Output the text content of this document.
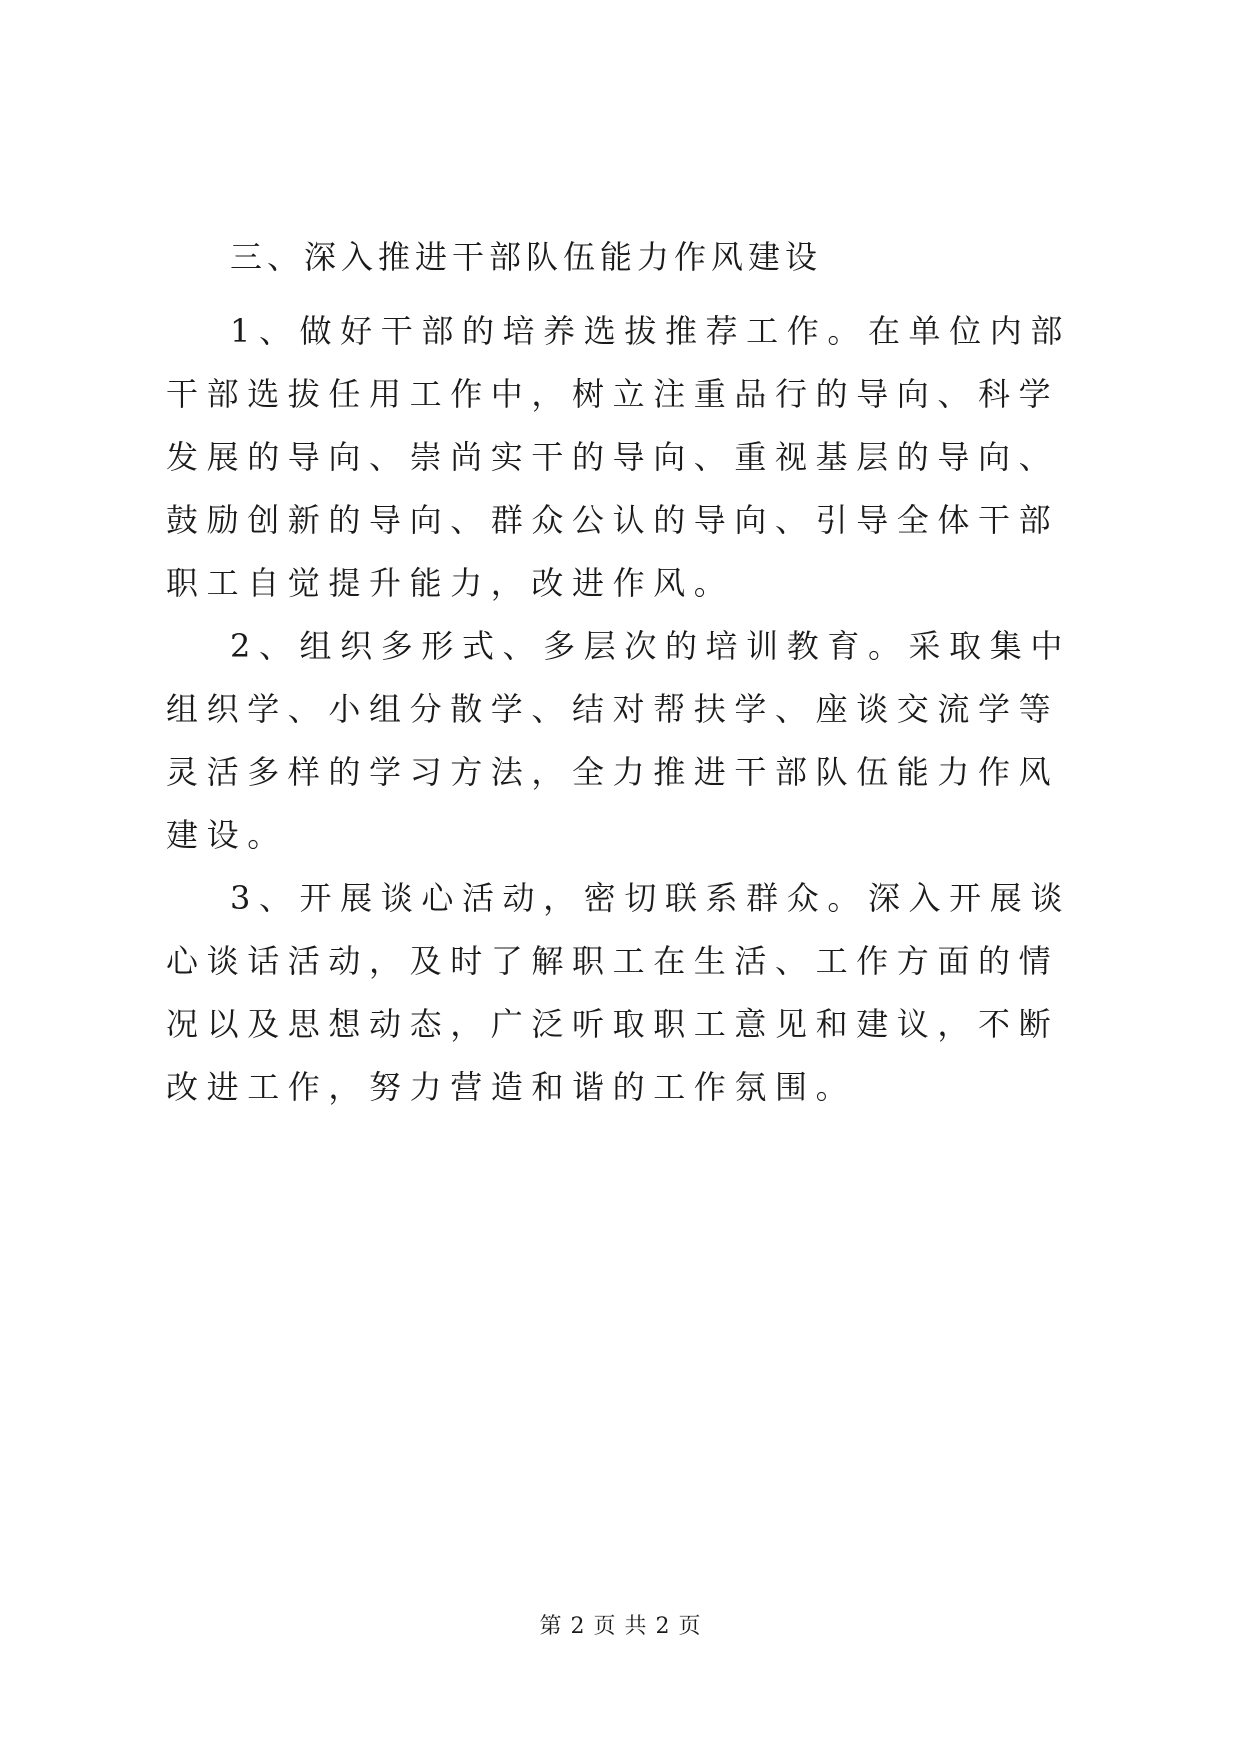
三、深入推进干部队伍能力作风建设

1、做好干部的培养选拔推荐工作。在单位内部干部选拔任用工作中，树立注重品行的导向、科学发展的导向、崇尚实干的导向、重视基层的导向、鼓励创新的导向、群众公认的导向、引导全体干部职工自觉提升能力，改进作风。

2、组织多形式、多层次的培训教育。采取集中组织学、小组分散学、结对帮扶学、座谈交流学等灵活多样的学习方法，全力推进干部队伍能力作风建设。

3、开展谈心活动，密切联系群众。深入开展谈心谈话活动，及时了解职工在生活、工作方面的情况以及思想动态，广泛听取职工意见和建议，不断改进工作，努力营造和谐的工作氛围。

第 2 页 共 2 页
